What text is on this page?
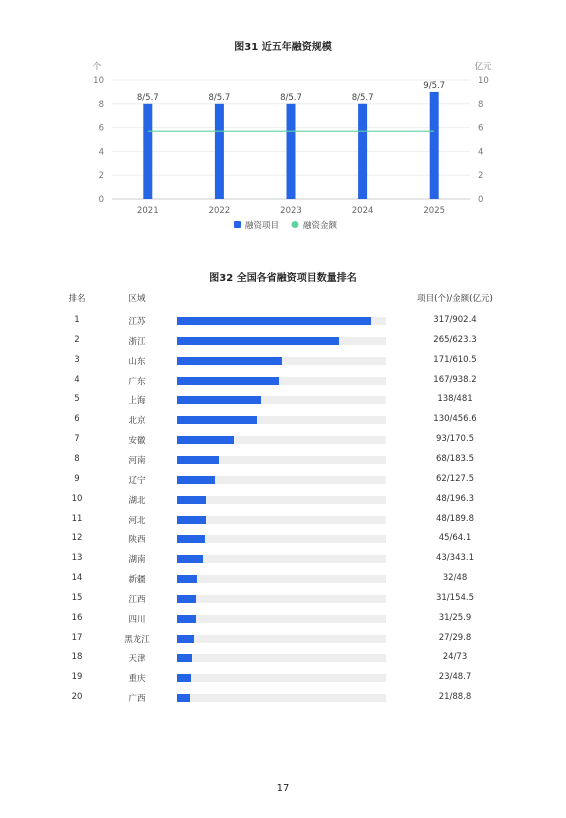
图31 近五年融资规模
0
2
4
6
8
10
0
2
4
6
8
10
个	亿元
8/5.7
2021
8/5.7
2022
8/5.7
2023
8/5.7
2024
9/5.7
2025
融资项目	融资金额
图32 全国各省融资项目数量排名
排名	区域	项目(个)/金额(亿元)
1	江苏	317/902.4
2	浙江	265/623.3
3	山东	171/610.5
4	广东	167/938.2
5	上海	138/481
6	北京	130/456.6
7	安徽	93/170.5
8	河南	68/183.5
9	辽宁	62/127.5
10	湖北	48/196.3
11	河北	48/189.8
12	陕西	45/64.1
13	湖南	43/343.1
14	新疆	32/48
15	江西	31/154.5
16	四川	31/25.9
17	黑龙江	27/29.8
18	天津	24/73
19	重庆	23/48.7
20	广西	21/88.8
17
